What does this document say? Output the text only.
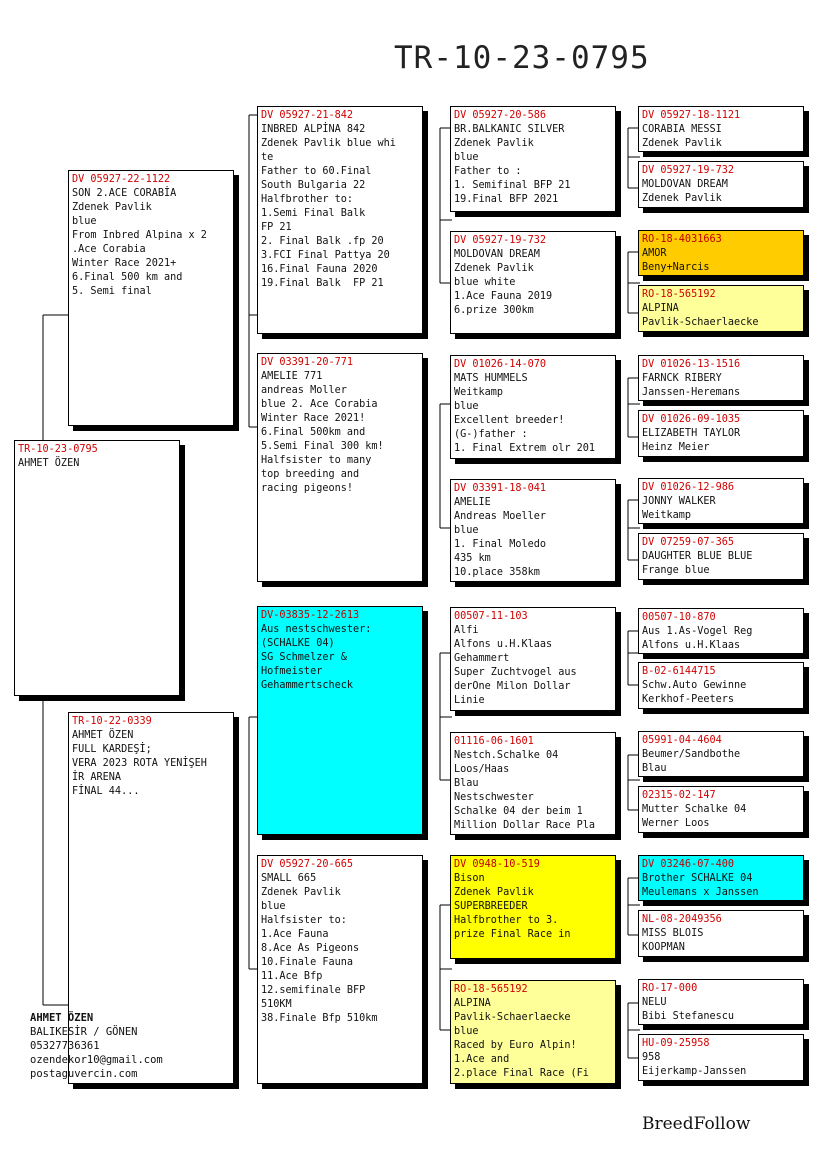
TR-10-23-0795
TR-10-23-0795
AHMET ÖZEN
DV 05927-22-1122
SON 2.ACE CORABİA
Zdenek Pavlik
blue
From Inbred Alpina x 2
.Ace Corabia
Winter Race 2021+
6.Final 500 km and
5. Semi final
TR-10-22-0339
AHMET ÖZEN
FULL KARDEŞİ;
VERA 2023 ROTA YENİŞEH
İR ARENA
FİNAL 44...
DV 05927-21-842
INBRED ALPİNA 842
Zdenek Pavlik blue whi
te
Father to 60.Final
South Bulgaria 22
Halfbrother to:
1.Semi Final Balk
FP 21
2. Final Balk .fp 20
3.FCI Final Pattya 20
16.Final Fauna 2020
19.Final Balk  FP 21
DV 03391-20-771
AMELIE 771
andreas Moller
blue 2. Ace Corabia
Winter Race 2021!
6.Final 500km and
5.Semi Final 300 km!
Halfsister to many
top breeding and
racing pigeons!
DV-03835-12-2613
Aus nestschwester:
(SCHALKE 04)
SG Schmelzer &
Hofmeister
Gehammertscheck
DV 05927-20-665
SMALL 665
Zdenek Pavlik
blue
Halfsister to:
1.Ace Fauna
8.Ace As Pigeons
10.Finale Fauna
11.Ace Bfp
12.semifinale BFP
510KM
38.Finale Bfp 510km
DV 05927-20-586
BR.BALKANIC SILVER
Zdenek Pavlik
blue
Father to :
1. Semifinal BFP 21
19.Final BFP 2021
DV 05927-19-732
MOLDOVAN DREAM
Zdenek Pavlik
blue white
1.Ace Fauna 2019
6.prize 300km
DV 01026-14-070
MATS HUMMELS
Weitkamp
blue
Excellent breeder!
(G-)father :
1. Final Extrem olr 201
DV 03391-18-041
AMELIE
Andreas Moeller
blue
1. Final Moledo
435 km
10.place 358km
00507-11-103
Alfi
Alfons u.H.Klaas
Gehammert
Super Zuchtvogel aus
derOne Milon Dollar
Linie
01116-06-1601
Nestch.Schalke 04
Loos/Haas
Blau
Nestschwester
Schalke 04 der beim 1
Million Dollar Race Pla
DV 0948-10-519
Bison
Zdenek Pavlik
SUPERBREEDER
Halfbrother to 3.
prize Final Race in
RO-18-565192
ALPINA
Pavlik-Schaerlaecke
blue
Raced by Euro Alpin!
1.Ace and
2.place Final Race (Fi
DV 05927-18-1121
CORABIA MESSI
Zdenek Pavlik
DV 05927-19-732
MOLDOVAN DREAM
Zdenek Pavlik
RO-18-4031663
AMOR
Beny+Narcis
RO-18-565192
ALPINA
Pavlik-Schaerlaecke
DV 01026-13-1516
FARNCK RIBERY
Janssen-Heremans
DV 01026-09-1035
ELIZABETH TAYLOR
Heinz Meier
DV 01026-12-986
JONNY WALKER
Weitkamp
DV 07259-07-365
DAUGHTER BLUE BLUE
Frange blue
00507-10-870
Aus 1.As-Vogel Reg
Alfons u.H.Klaas
B-02-6144715
Schw.Auto Gewinne
Kerkhof-Peeters
05991-04-4604
Beumer/Sandbothe
Blau
02315-02-147
Mutter Schalke 04
Werner Loos
DV 03246-07-400
Brother SCHALKE 04
Meulemans x Janssen
NL-08-2049356
MISS BLOIS
KOOPMAN
RO-17-000
NELU
Bibi Stefanescu
HU-09-25958
958
Eijerkamp-Janssen
AHMET ÖZEN
BALIKESİR / GÖNEN
05327736361
ozendekor10@gmail.com
postaguvercin.com
BreedFollow
